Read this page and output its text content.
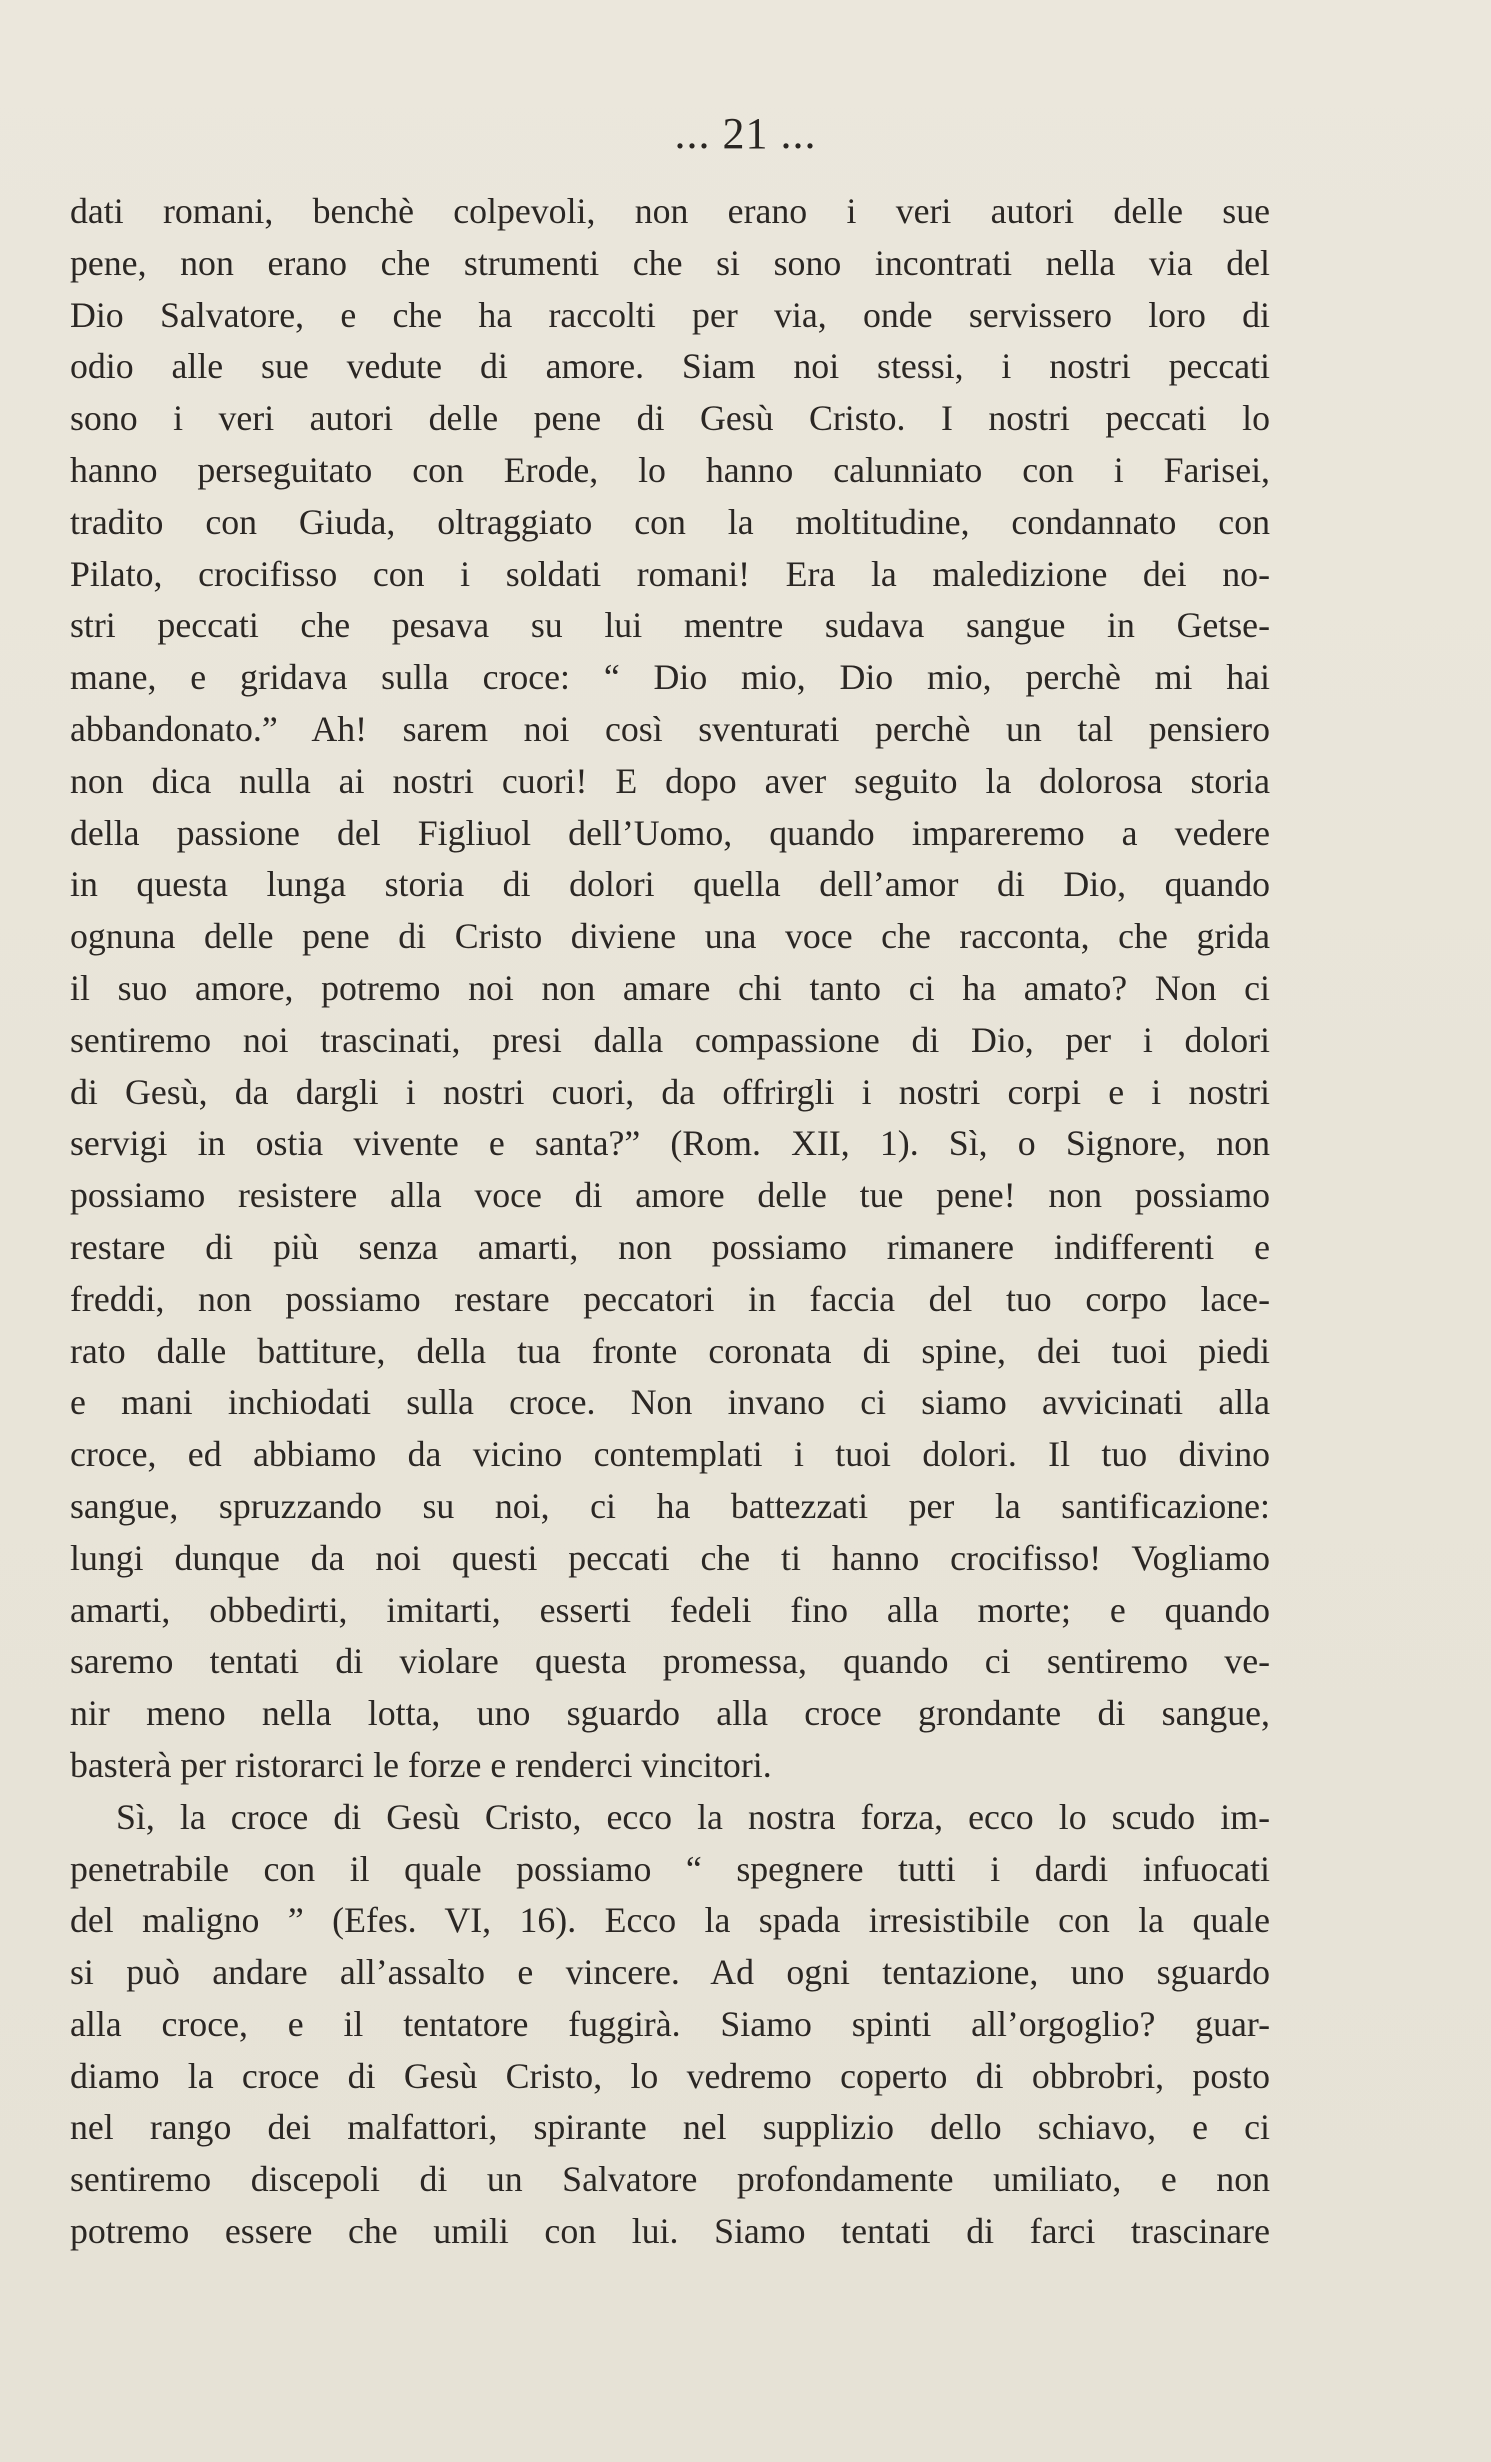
... 21 ...
dati romani, benchè colpevoli, non erano i veri autori delle sue
pene, non erano che strumenti che si sono incontrati nella via del
Dio Salvatore, e che ha raccolti per via, onde servissero loro di
odio alle sue vedute di amore. Siam noi stessi, i nostri peccati
sono i veri autori delle pene di Gesù Cristo. I nostri peccati lo
hanno perseguitato con Erode, lo hanno calunniato con i Farisei,
tradito con Giuda, oltraggiato con la moltitudine, condannato con
Pilato, crocifisso con i soldati romani! Era la maledizione dei no-
stri peccati che pesava su lui mentre sudava sangue in Getse-
mane, e gridava sulla croce: “ Dio mio, Dio mio, perchè mi hai
abbandonato.” Ah! sarem noi così sventurati perchè un tal pensiero
non dica nulla ai nostri cuori! E dopo aver seguito la dolorosa storia
della passione del Figliuol dell’Uomo, quando impareremo a vedere
in questa lunga storia di dolori quella dell’amor di Dio, quando
ognuna delle pene di Cristo diviene una voce che racconta, che grida
il suo amore, potremo noi non amare chi tanto ci ha amato? Non ci
sentiremo noi trascinati, presi dalla compassione di Dio, per i dolori
di Gesù, da dargli i nostri cuori, da offrirgli i nostri corpi e i nostri
servigi in ostia vivente e santa?” (Rom. XII, 1). Sì, o Signore, non
possiamo resistere alla voce di amore delle tue pene! non possiamo
restare di più senza amarti, non possiamo rimanere indifferenti e
freddi, non possiamo restare peccatori in faccia del tuo corpo lace-
rato dalle battiture, della tua fronte coronata di spine, dei tuoi piedi
e mani inchiodati sulla croce. Non invano ci siamo avvicinati alla
croce, ed abbiamo da vicino contemplati i tuoi dolori. Il tuo divino
sangue, spruzzando su noi, ci ha battezzati per la santificazione:
lungi dunque da noi questi peccati che ti hanno crocifisso! Vogliamo
amarti, obbedirti, imitarti, esserti fedeli fino alla morte; e quando
saremo tentati di violare questa promessa, quando ci sentiremo ve-
nir meno nella lotta, uno sguardo alla croce grondante di sangue,
basterà per ristorarci le forze e renderci vincitori.
Sì, la croce di Gesù Cristo, ecco la nostra forza, ecco lo scudo im-
penetrabile con il quale possiamo “ spegnere tutti i dardi infuocati
del maligno ” (Efes. VI, 16). Ecco la spada irresistibile con la quale
si può andare all’assalto e vincere. Ad ogni tentazione, uno sguardo
alla croce, e il tentatore fuggirà. Siamo spinti all’orgoglio? guar-
diamo la croce di Gesù Cristo, lo vedremo coperto di obbrobri, posto
nel rango dei malfattori, spirante nel supplizio dello schiavo, e ci
sentiremo discepoli di un Salvatore profondamente umiliato, e non
potremo essere che umili con lui. Siamo tentati di farci trascinare
